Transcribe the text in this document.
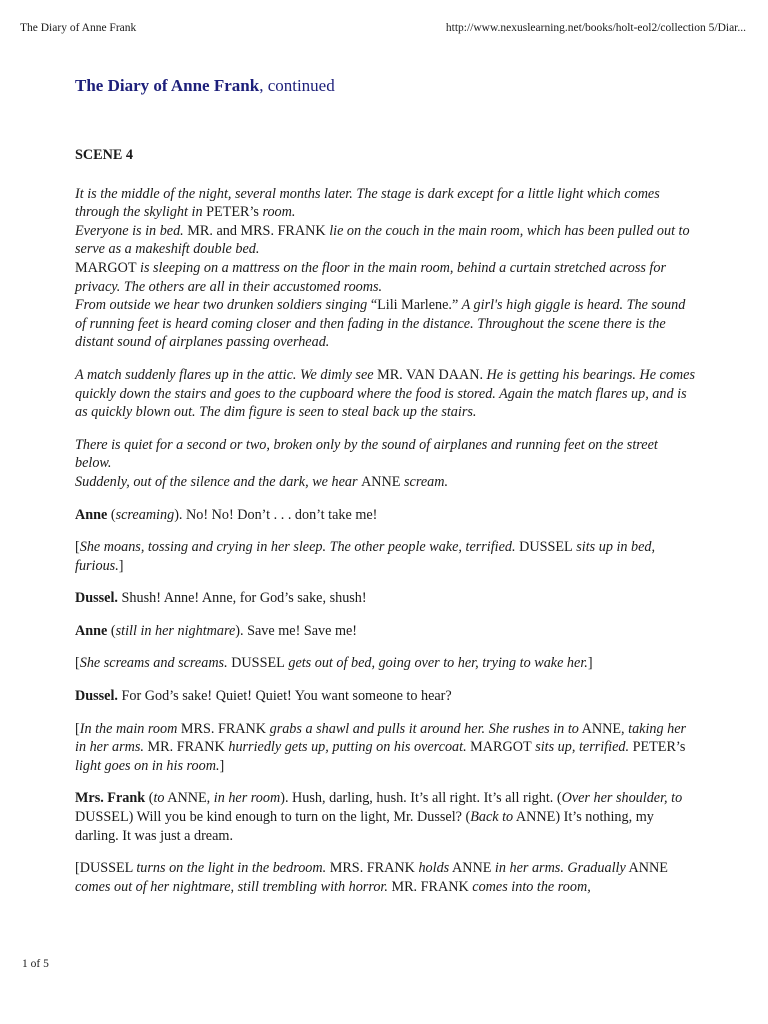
The Diary of Anne Frank	http://www.nexuslearning.net/books/holt-eol2/collection 5/Diar...
The Diary of Anne Frank, continued

SCENE 4

It is the middle of the night, several months later. The stage is dark except for a little light which comes through the skylight in PETER’s room.

Everyone is in bed. MR. and MRS. FRANK lie on the couch in the main room, which has been pulled out to serve as a makeshift double bed.

MARGOT is sleeping on a mattress on the floor in the main room, behind a curtain stretched across for privacy. The others are all in their accustomed rooms.

From outside we hear two drunken soldiers singing “Lili Marlene.” A girl's high giggle is heard. The sound of running feet is heard coming closer and then fading in the distance. Throughout the scene there is the distant sound of airplanes passing overhead.

A match suddenly flares up in the attic. We dimly see MR. VAN DAAN. He is getting his bearings. He comes quickly down the stairs and goes to the cupboard where the food is stored. Again the match flares up, and is as quickly blown out. The dim figure is seen to steal back up the stairs.

There is quiet for a second or two, broken only by the sound of airplanes and running feet on the street below.

Suddenly, out of the silence and the dark, we hear ANNE scream.

Anne (screaming). No! No! Don’t . . . don’t take me!

[She moans, tossing and crying in her sleep. The other people wake, terrified. DUSSEL sits up in bed, furious.]

Dussel. Shush! Anne! Anne, for God’s sake, shush!

Anne (still in her nightmare). Save me! Save me!

[She screams and screams. DUSSEL gets out of bed, going over to her, trying to wake her.]

Dussel. For God’s sake! Quiet! Quiet! You want someone to hear?

[In the main room MRS. FRANK grabs a shawl and pulls it around her. She rushes in to ANNE, taking her in her arms. MR. FRANK hurriedly gets up, putting on his overcoat. MARGOT sits up, terrified. PETER’s light goes on in his room.]

Mrs. Frank (to ANNE, in her room). Hush, darling, hush. It’s all right. It’s all right. (Over her shoulder, to DUSSEL) Will you be kind enough to turn on the light, Mr. Dussel? (Back to ANNE) It’s nothing, my darling. It was just a dream.

[DUSSEL turns on the light in the bedroom. MRS. FRANK holds ANNE in her arms. Gradually ANNE comes out of her nightmare, still trembling with horror. MR. FRANK comes into the room,

1 of 5
